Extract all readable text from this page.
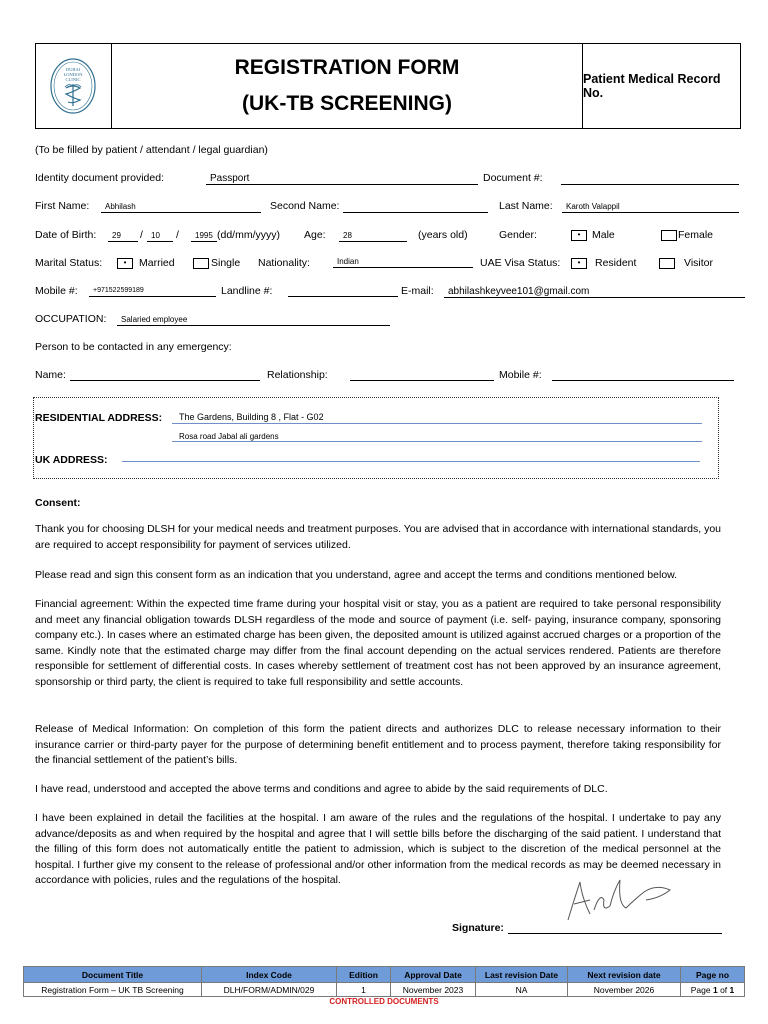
DUBAI
LONDON
CLINIC
REGISTRATION FORM
(UK-TB SCREENING)
Patient Medical Record No.
(To be filled by patient / attendant / legal guardian)
Identity document provided:	Passport	Document #:
First Name:	Abhilash	Second Name:	Last Name:	Karoth Valappil
Date of Birth:	29	/	10	/	1995 (dd/mm/yyyy) Age:	28	(years old)	Gender:	•	Male	Female
Marital Status:	•	Married	Single Nationality:	Indian	UAE Visa Status:	•	Resident	Visitor
Mobile #:	+971522599189	Landline #:	E-mail:	abhilashkeyvee101@gmail.com
OCCUPATION:	Salaried employee
Person to be contacted in any emergency:
Name:	Relationship:	Mobile #:
RESIDENTIAL ADDRESS: The Gardens, Building 8 , Flat - G02
Rosa road Jabal ali gardens
UK ADDRESS:
Consent:
Thank you for choosing DLSH for your medical needs and treatment purposes. You are advised that in accordance with international standards, you are required to accept responsibility for payment of services utilized.
Please read and sign this consent form as an indication that you understand, agree and accept the terms and conditions mentioned below.
Financial agreement: Within the expected time frame during your hospital visit or stay, you as a patient are required to take personal responsibility and meet any financial obligation towards DLSH regardless of the mode and source of payment (i.e. self- paying, insurance company, sponsoring company etc.). In cases where an estimated charge has been given, the deposited amount is utilized against accrued charges or a proportion of the same. Kindly note that the estimated charge may differ from the final account depending on the actual services rendered. Patients are therefore responsible for settlement of differential costs. In cases whereby settlement of treatment cost has not been approved by an insurance agreement, sponsorship or third party, the client is required to take full responsibility and settle accounts.
Release of Medical Information: On completion of this form the patient directs and authorizes DLC to release necessary information to their insurance carrier or third-party payer for the purpose of determining benefit entitlement and to process payment, therefore taking responsibility for the financial settlement of the patient’s bills.
I have read, understood and accepted the above terms and conditions and agree to abide by the said requirements of DLC.
I have been explained in detail the facilities at the hospital. I am aware of the rules and the regulations of the hospital. I undertake to pay any advance/deposits as and when required by the hospital and agree that I will settle bills before the discharging of the said patient. I understand that the filling of this form does not automatically entitle the patient to admission, which is subject to the discretion of the medical personnel at the hospital. I further give my consent to the release of professional and/or other information from the medical records as may be deemed necessary in accordance with policies, rules and the regulations of the hospital.
Signature:
Document Title	Index Code	Edition	Approval Date	Last revision Date	Next revision date	Page no
Registration Form – UK TB Screening	DLH/FORM/ADMIN/029	1	November 2023	NA	November 2026	Page 1 of 1
CONTROLLED DOCUMENTS
